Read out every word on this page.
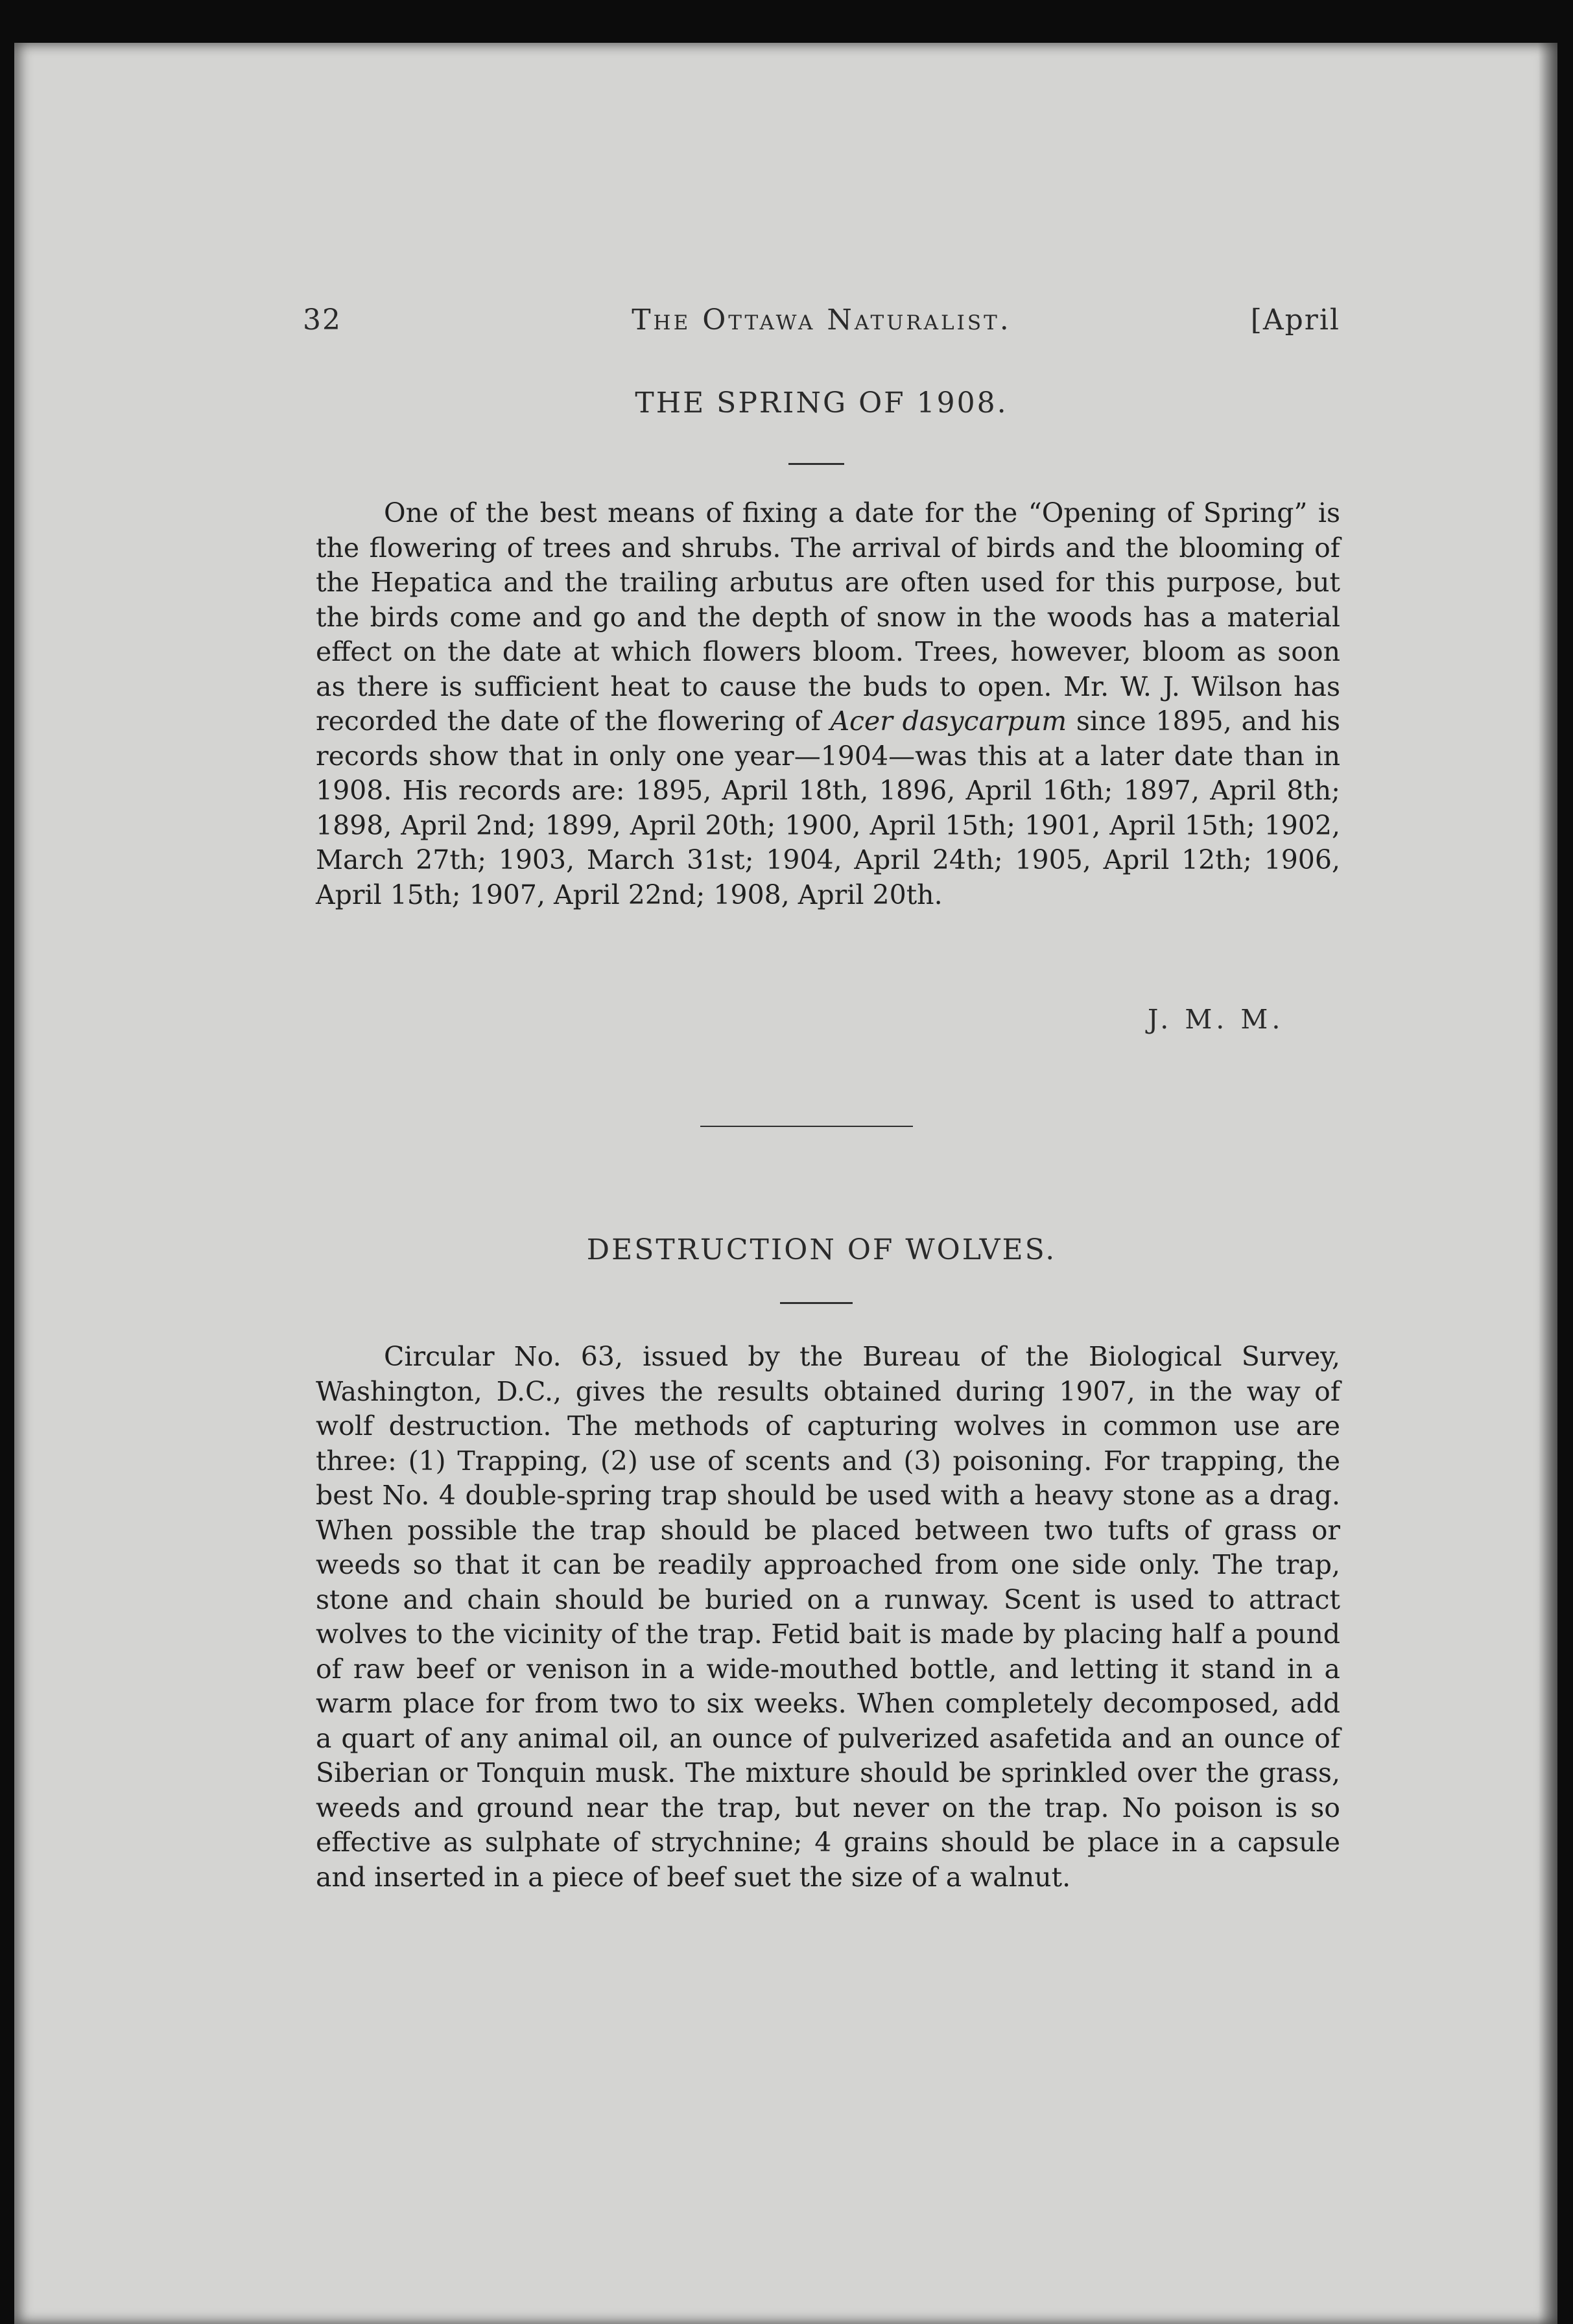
32	The Ottawa Naturalist.	[April
THE SPRING OF 1908.

One of the best means of fixing a date for the “Opening of Spring” is the flowering of trees and shrubs. The arrival of birds and the blooming of the Hepatica and the trailing arbutus are often used for this purpose, but the birds come and go and the depth of snow in the woods has a material effect on the date at which flowers bloom. Trees, however, bloom as soon as there is sufficient heat to cause the buds to open. Mr. W. J. Wilson has recorded the date of the flowering of Acer dasycarpum since 1895, and his records show that in only one year—1904—was this at a later date than in 1908. His records are: 1895, April 18th, 1896, April 16th; 1897, April 8th; 1898, April 2nd; 1899, April 20th; 1900, April 15th; 1901, April 15th; 1902, March 27th; 1903, March 31st; 1904, April 24th; 1905, April 12th; 1906, April 15th; 1907, April 22nd; 1908, April 20th.

J. M. M.
DESTRUCTION OF WOLVES.

Circular No. 63, issued by the Bureau of the Biological Survey, Washington, D.C., gives the results obtained during 1907, in the way of wolf destruction. The methods of capturing wolves in common use are three: (1) Trapping, (2) use of scents and (3) poisoning. For trapping, the best No. 4 double-spring trap should be used with a heavy stone as a drag. When possible the trap should be placed between two tufts of grass or weeds so that it can be readily approached from one side only. The trap, stone and chain should be buried on a runway. Scent is used to attract wolves to the vicinity of the trap. Fetid bait is made by placing half a pound of raw beef or venison in a wide-mouthed bottle, and letting it stand in a warm place for from two to six weeks. When completely decomposed, add a quart of any animal oil, an ounce of pulverized asafetida and an ounce of Siberian or Tonquin musk. The mixture should be sprinkled over the grass, weeds and ground near the trap, but never on the trap. No poison is so effective as sulphate of strychnine; 4 grains should be place in a capsule and inserted in a piece of beef suet the size of a walnut.
